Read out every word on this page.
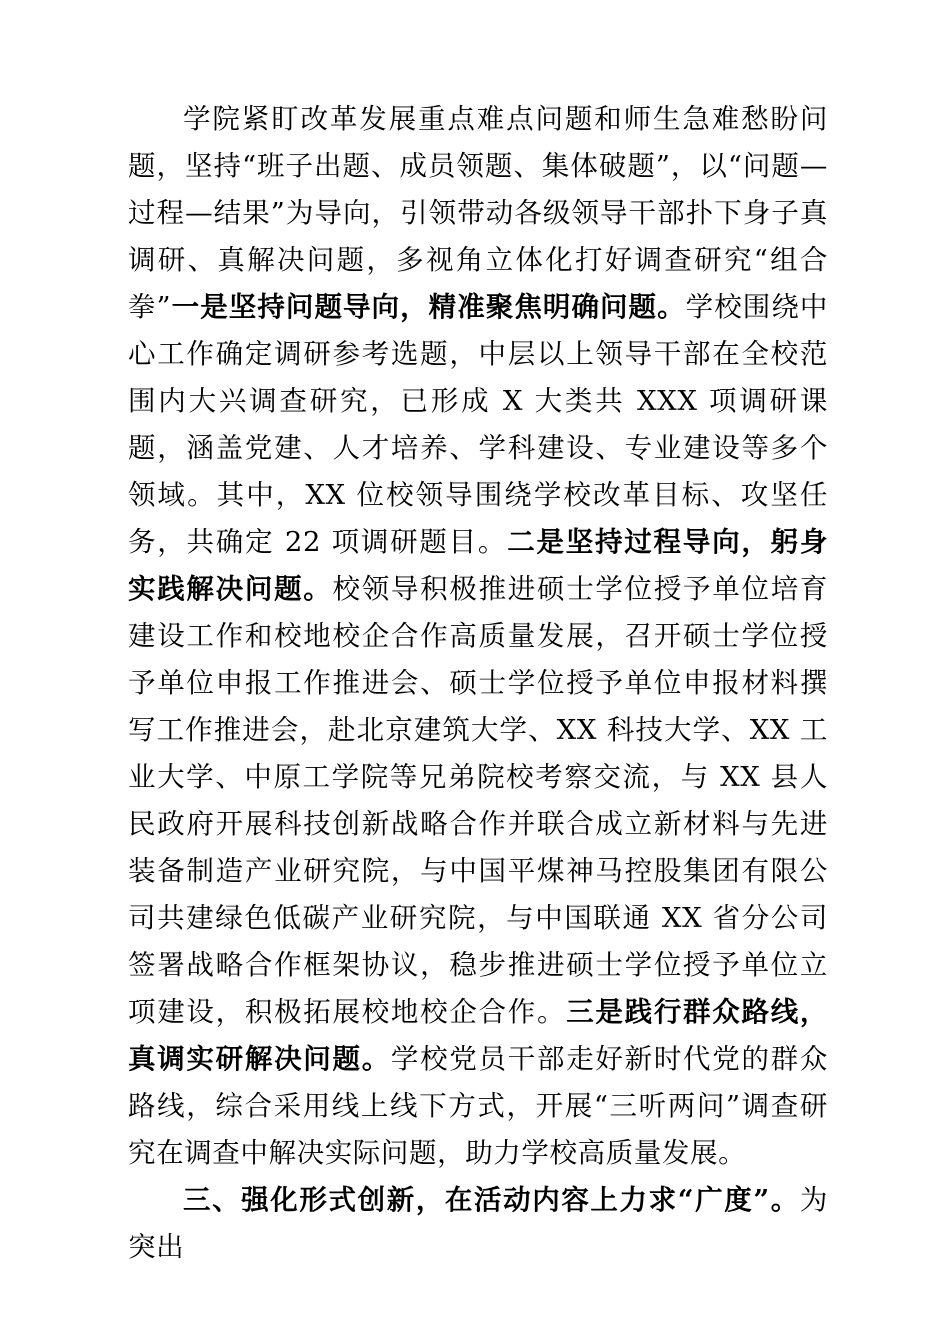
学院紧盯改革发展重点难点问题和师生急难愁盼问题，坚持“班子出题、成员领题、集体破题”，以“问题—过程—结果”为导向，引领带动各级领导干部扑下身子真调研、真解决问题，多视角立体化打好调查研究“组合拳”一是坚持问题导向，精准聚焦明确问题。学校围绕中心工作确定调研参考选题，中层以上领导干部在全校范围内大兴调查研究，已形成 X 大类共 XXX 项调研课题，涵盖党建、人才培养、学科建设、专业建设等多个领域。其中，XX 位校领导围绕学校改革目标、攻坚任务，共确定 22 项调研题目。二是坚持过程导向，躬身实践解决问题。校领导积极推进硕士学位授予单位培育建设工作和校地校企合作高质量发展，召开硕士学位授予单位申报工作推进会、硕士学位授予单位申报材料撰写工作推进会，赴北京建筑大学、XX 科技大学、XX 工业大学、中原工学院等兄弟院校考察交流，与 XX 县人民政府开展科技创新战略合作并联合成立新材料与先进装备制造产业研究院，与中国平煤神马控股集团有限公司共建绿色低碳产业研究院，与中国联通 XX 省分公司签署战略合作框架协议，稳步推进硕士学位授予单位立项建设，积极拓展校地校企合作。三是践行群众路线，真调实研解决问题。学校党员干部走好新时代党的群众路线，综合采用线上线下方式，开展“三听两问”调查研究在调查中解决实际问题，助力学校高质量发展。

三、强化形式创新，在活动内容上力求“广度”。为突出
